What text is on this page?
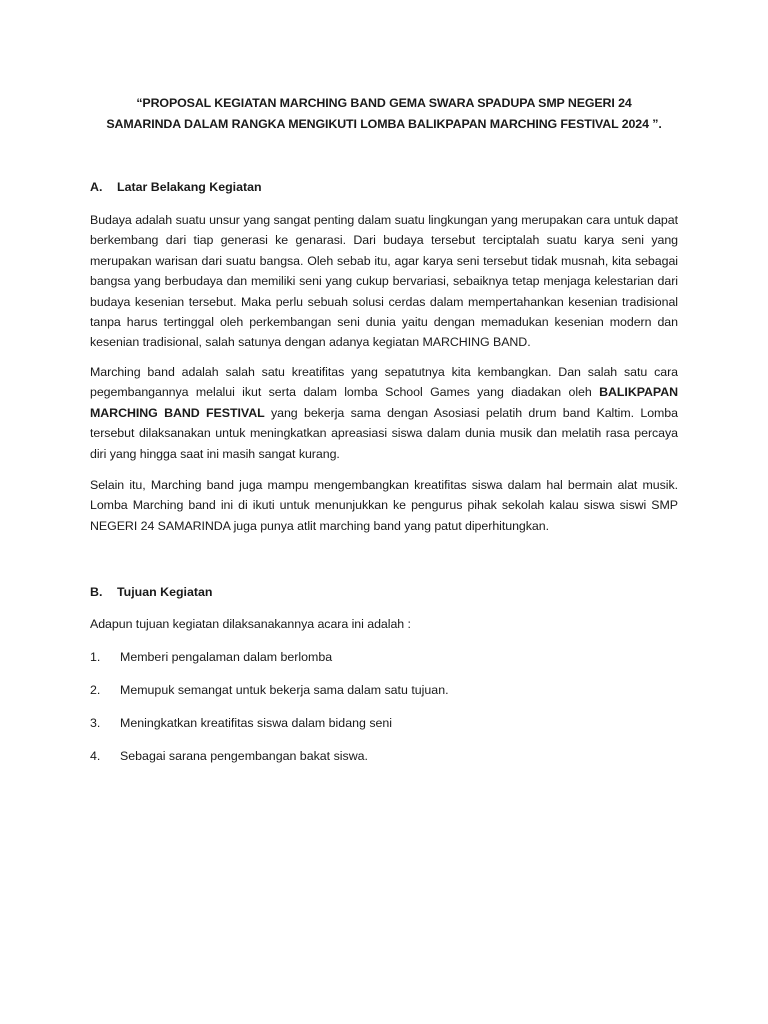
“PROPOSAL KEGIATAN MARCHING BAND GEMA SWARA SPADUPA SMP NEGERI 24
SAMARINDA DALAM RANGKA MENGIKUTI LOMBA BALIKPAPAN MARCHING FESTIVAL 2024 ”.
A. Latar Belakang Kegiatan
Budaya adalah suatu unsur yang sangat penting dalam suatu lingkungan yang merupakan cara untuk dapat berkembang dari tiap generasi ke genarasi. Dari budaya tersebut terciptalah suatu karya seni yang merupakan warisan dari suatu bangsa. Oleh sebab itu, agar karya seni tersebut tidak musnah, kita sebagai bangsa yang berbudaya dan memiliki seni yang cukup bervariasi, sebaiknya tetap menjaga kelestarian dari budaya kesenian tersebut. Maka perlu sebuah solusi cerdas dalam mempertahankan kesenian tradisional tanpa harus tertinggal oleh perkembangan seni dunia yaitu dengan memadukan kesenian modern dan kesenian tradisional, salah satunya dengan adanya kegiatan MARCHING BAND.
Marching band adalah salah satu kreatifitas yang sepatutnya kita kembangkan. Dan salah satu cara pegembangannya melalui ikut serta dalam lomba School Games yang diadakan oleh BALIKPAPAN MARCHING BAND FESTIVAL yang bekerja sama dengan Asosiasi pelatih drum band Kaltim. Lomba tersebut dilaksanakan untuk meningkatkan apreasiasi siswa dalam dunia musik dan melatih rasa percaya diri yang hingga saat ini masih sangat kurang.
Selain itu, Marching band juga mampu mengembangkan kreatifitas siswa dalam hal bermain alat musik. Lomba Marching band ini di ikuti untuk menunjukkan ke pengurus pihak sekolah kalau siswa siswi SMP NEGERI 24 SAMARINDA juga punya atlit marching band yang patut diperhitungkan.
B. Tujuan Kegiatan
Adapun tujuan kegiatan dilaksanakannya acara ini adalah :
1. Memberi pengalaman dalam berlomba
2. Memupuk semangat untuk bekerja sama dalam satu tujuan.
3. Meningkatkan kreatifitas siswa dalam bidang seni
4. Sebagai sarana pengembangan bakat siswa.
